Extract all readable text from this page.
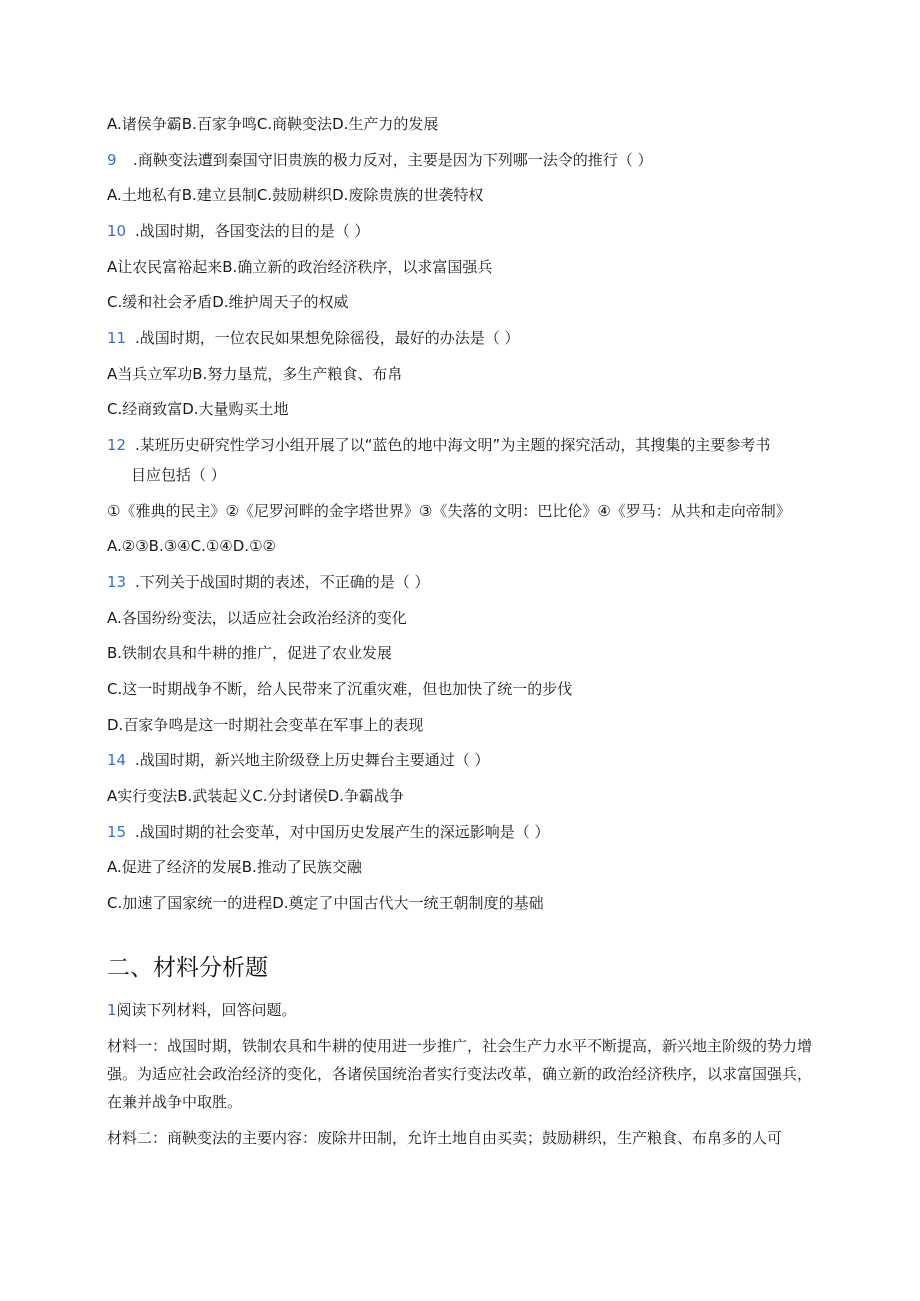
A.诸侯争霸B.百家争鸣C.商鞅变法D.生产力的发展
9 .商鞅变法遭到秦国守旧贵族的极力反对，主要是因为下列哪一法令的推行（ ）
A.土地私有B.建立县制C.鼓励耕织D.废除贵族的世袭特权
10 .战国时期，各国变法的目的是（ ）
A让农民富裕起来B.确立新的政治经济秩序，以求富国强兵
C.缓和社会矛盾D.维护周天子的权威
11 .战国时期，一位农民如果想免除徭役，最好的办法是（ ）
A当兵立军功B.努力垦荒，多生产粮食、布帛
C.经商致富D.大量购买土地
12 .某班历史研究性学习小组开展了以“蓝色的地中海文明”为主题的探究活动，其搜集的主要参考书
目应包括（ ）
①《雅典的民主》②《尼罗河畔的金字塔世界》③《失落的文明：巴比伦》④《罗马：从共和走向帝制》
A.②③B.③④C.①④D.①②
13 .下列关于战国时期的表述，不正确的是（ ）
A.各国纷纷变法，以适应社会政治经济的变化
B.铁制农具和牛耕的推广，促进了农业发展
C.这一时期战争不断，给人民带来了沉重灾难，但也加快了统一的步伐
D.百家争鸣是这一时期社会变革在军事上的表现
14 .战国时期，新兴地主阶级登上历史舞台主要通过（ ）
A实行变法B.武装起义C.分封诸侯D.争霸战争
15 .战国时期的社会变革，对中国历史发展产生的深远影响是（ ）
A.促进了经济的发展B.推动了民族交融
C.加速了国家统一的进程D.奠定了中国古代大一统王朝制度的基础
二、材料分析题
1阅读下列材料，回答问题。
材料一：战国时期，铁制农具和牛耕的使用进一步推广，社会生产力水平不断提高，新兴地主阶级的势力增强。为适应社会政治经济的变化，各诸侯国统治者实行变法改革，确立新的政治经济秩序，以求富国强兵，在兼并战争中取胜。
材料二：商鞅变法的主要内容：废除井田制，允许土地自由买卖；鼓励耕织，生产粮食、布帛多的人可
